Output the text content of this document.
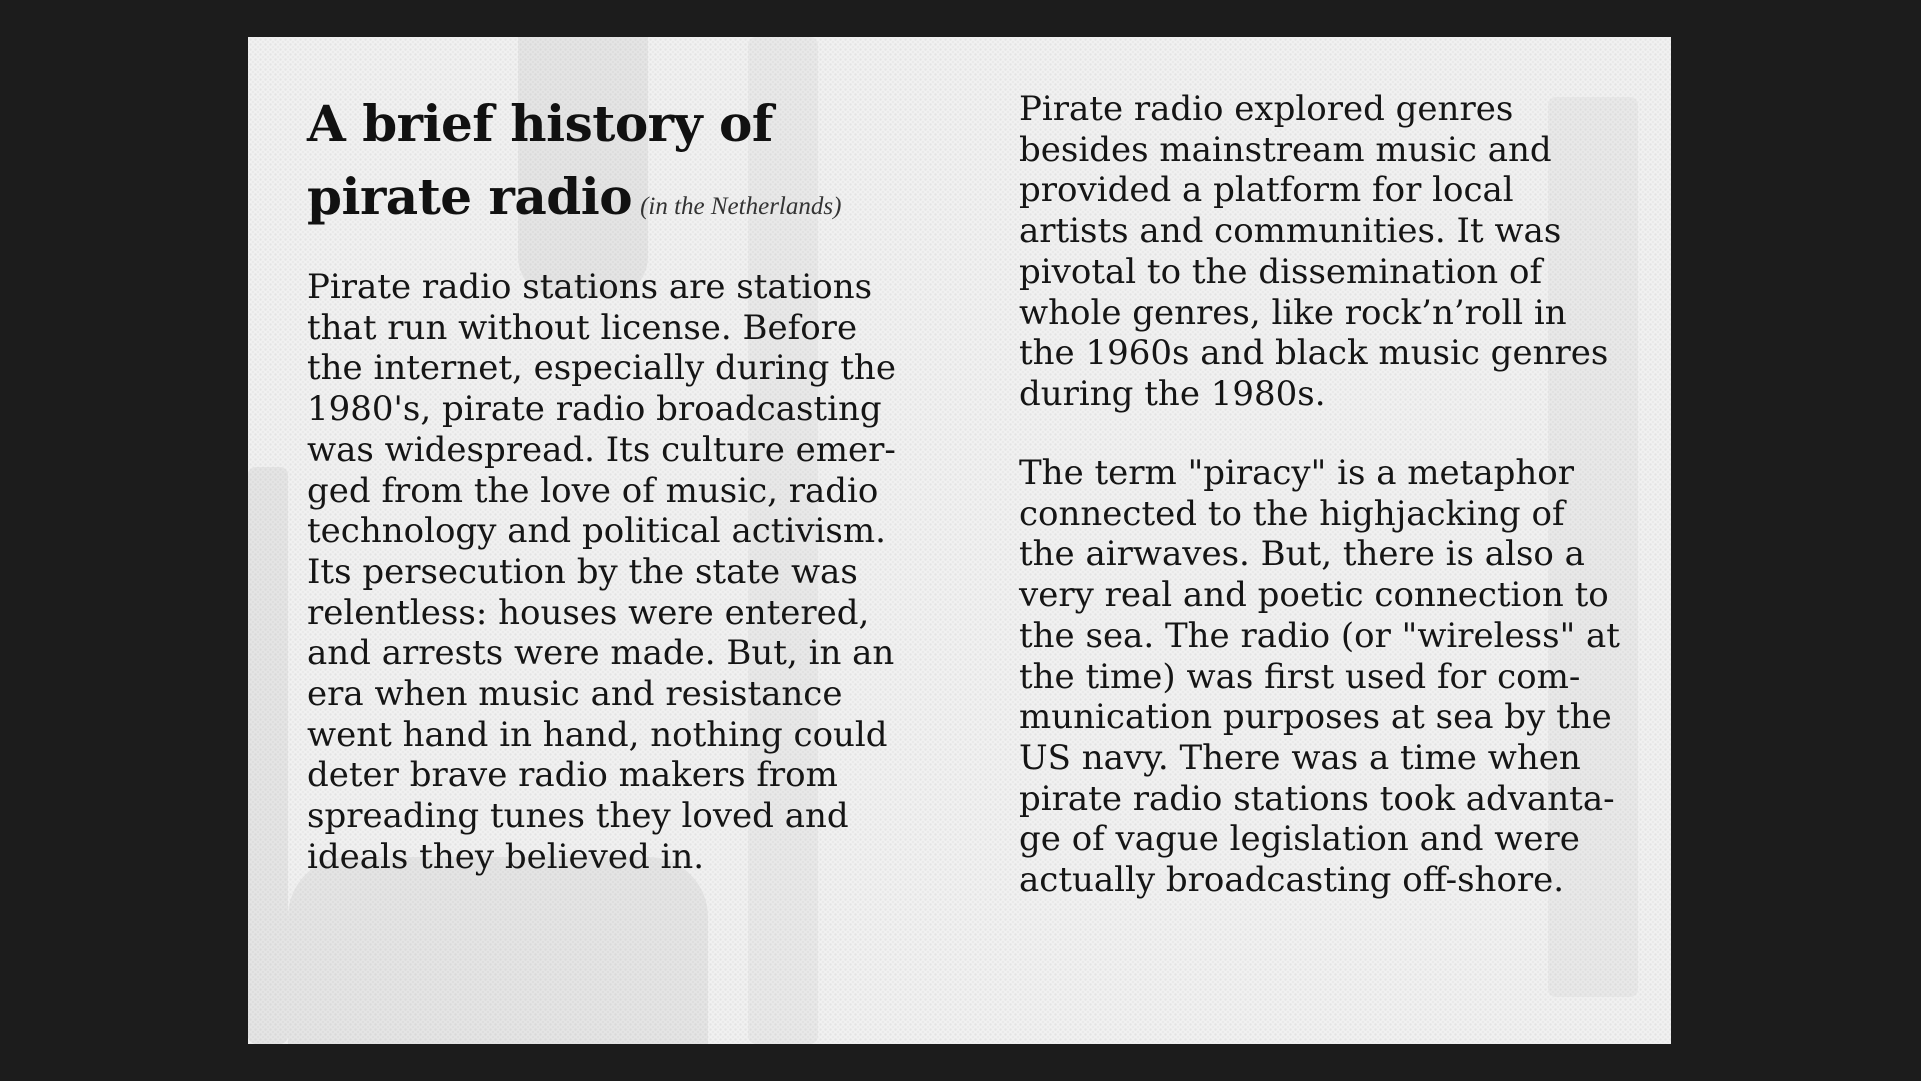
A brief history of
pirate radio (in the Netherlands)

Pirate radio stations are stations
that run without license. Before
the internet, especially during the
1980's, pirate radio broadcasting
was widespread. Its culture emer-
ged from the love of music, radio
technology and political activism.
Its persecution by the state was
relentless: houses were entered,
and arrests were made. But, in an
era when music and resistance
went hand in hand, nothing could
deter brave radio makers from
spreading tunes they loved and
ideals they believed in.

Pirate radio explored genres
besides mainstream music and
provided a platform for local
artists and communities. It was
pivotal to the dissemination of
whole genres, like rock’n’roll in
the 1960s and black music genres
during the 1980s.

The term "piracy" is a metaphor
connected to the highjacking of
the airwaves. But, there is also a
very real and poetic connection to
the sea. The radio (or "wireless" at
the time) was first used for com-
munication purposes at sea by the
US navy. There was a time when
pirate radio stations took advanta-
ge of vague legislation and were
actually broadcasting off-shore.
